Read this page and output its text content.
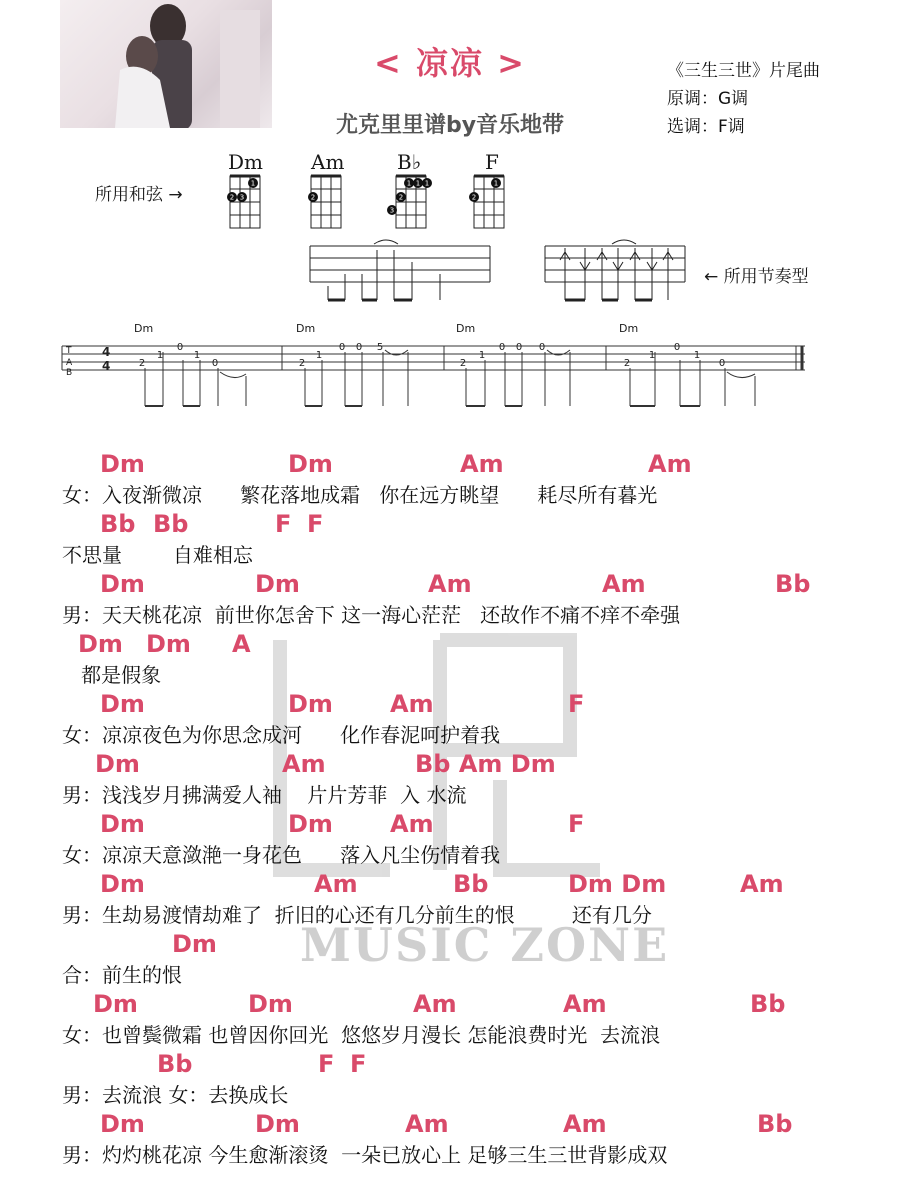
< 凉凉 >
尤克里里谱by音乐地带
《三生三世》片尾曲
原调：G调
选调：F调
所用和弦 →
Dm Am	B♭	F
1
2 3	2
1 1 1
2
3
1
2
← 所用节奏型
Dm	Dm	Dm	Dm
T
A
B
4
4	2
1
0
1
0	2
1
0 0 5
2
1
0 0 0
2
1
0
1
0
MUSIC ZONE
Dm	Dm	Am	Am
女：入夜渐微凉      繁花落地成霜   你在远方眺望      耗尽所有暮光
Bb Bb	F F
不思量        自难相忘
Dm	Dm	Am	Am	Bb
男：天天桃花凉  前世你怎舍下 这一海心茫茫   还故作不痛不痒不牵强
Dm Dm A
都是假象
Dm	Dm Am	F
女：凉凉夜色为你思念成河      化作春泥呵护着我
Dm	Am	Bb Am Dm
男：浅浅岁月拂满爱人袖    片片芳菲  入 水流
Dm	Dm Am	F
女：凉凉天意潋滟一身花色      落入凡尘伤情着我
Dm	Am	Bb	Dm Dm	Am
男：生劫易渡情劫难了  折旧的心还有几分前生的恨         还有几分
Dm
合：前生的恨
Dm	Dm	Am	Am	Bb
女：也曾鬓微霜 也曾因你回光  悠悠岁月漫长 怎能浪费时光  去流浪
Bb	F F
男：去流浪 女：去换成长
Dm	Dm	Am	Am	Bb
男：灼灼桃花凉 今生愈渐滚烫  一朵已放心上 足够三生三世背影成双
